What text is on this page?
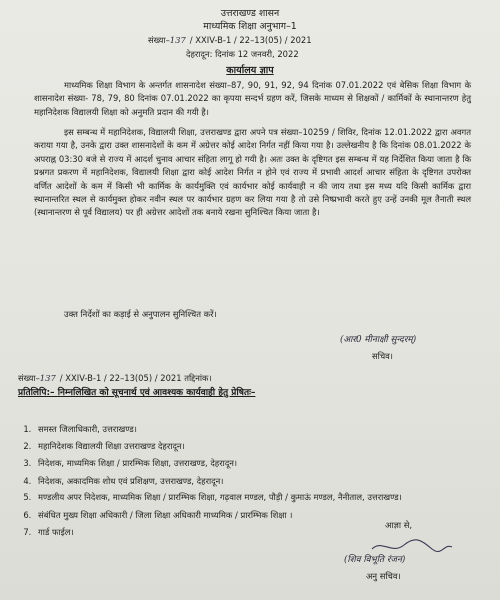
उत्तराखण्ड शासन
माध्यमिक शिक्षा अनुभाग–1
संख्या–137 / XXIV-B-1 / 22–13(05) / 2021
देहरादून: दिनांक 12 जनवरी, 2022
कार्यालय ज्ञाप
माध्यमिक शिक्षा विभाग के अन्तर्गत शासनादेश संख्या–87, 90, 91, 92, 94 दिनांक 07.01.2022 एवं बेसिक शिक्षा विभाग के शासनादेश संख्या- 78, 79, 80 दिनांक 07.01.2022 का कृपया सन्दर्भ ग्रहण करें, जिसके माध्यम से शिक्षकों / कार्मिकों के स्थानान्तरण हेतु महानिदेशक विद्यालयी शिक्षा को अनुमति प्रदान की गयी है।
इस सम्बन्ध में महानिदेशक, विद्यालयी शिक्षा, उत्तराखण्ड द्वारा अपने पत्र संख्या–10259 / शिविर, दिनांक 12.01.2022 द्वारा अवगत कराया गया है, उनके द्वारा उक्त शासनादेशों के कम में अग्रेत्तर कोई आदेश निर्गत नहीं किया गया है। उल्लेखनीय है कि दिनांक 08.01.2022 के अपराह्न 03:30 बजे से राज्य में आदर्श चुनाव आचार संहिता लागू हो गयी है। अतः उक्त के दृष्टिगत इस सम्बन्ध में यह निर्देशित किया जाता है कि प्रश्नगत प्रकरण में महानिदेशक, विद्यालयी शिक्षा द्वारा कोई आदेश निर्गत न होने एवं राज्य में प्रभावी आदर्श आचार संहिता के दृष्टिगत उपरोक्त वर्णित आदेशों के कम में किसी भी कार्मिक के कार्यमुक्ति एवं कार्यभार कोई कार्यवाही न की जाय तथा इस मध्य यदि किसी कार्मिक द्वारा स्थानान्तरित स्थल से कार्यमुक्त होकर नवीन स्थल पर कार्यभार ग्रहण कर लिया गया है तो उसे निष्प्रभावी करते हुए उन्हें उनकी मूल तैनाती स्थल (स्थानान्तरण से पूर्व विद्यालय) पर ही अग्रेत्तर आदेशों तक बनाये रखना सुनिश्चित किया जाता है।
उक्त निर्देशों का कड़ाई से अनुपालन सुनिश्चित करें।
(आर0 मीनाक्षी सुन्दरम्)
सचिव।
संख्या–137 / XXIV-B-1 / 22–13(05) / 2021 तद्दिनांक।
प्रतिलिपि:– निम्नलिखित को सूचनार्थ एवं आवश्यक कार्यवाही हेतु प्रेषितः–
1. समस्त जिलाधिकारी, उत्तराखण्ड।
2. महानिदेशक विद्यालयी शिक्षा उत्तराखण्ड देहरादून।
3. निदेशक, माध्यमिक शिक्षा / प्रारम्भिक शिक्षा, उत्तराखण्ड, देहरादून।
4. निदेशक, अकादमिक शोध एवं प्रशिक्षण, उत्तराखण्ड, देहरादून।
5. मण्डलीय अपर निदेशक, माध्यमिक शिक्षा / प्रारम्भिक शिक्षा, गढ़वाल मण्डल, पौड़ी / कुमाऊं मण्डल, नैनीताल, उत्तराखण्ड।
6. संबंधित मुख्य शिक्षा अधिकारी / जिला शिक्षा अधिकारी माध्यमिक / प्रारम्भिक शिक्षा ।
7. गार्ड फाईल।
आज्ञा से,
(शिव विभूति रंजन)
अनु सचिव।
